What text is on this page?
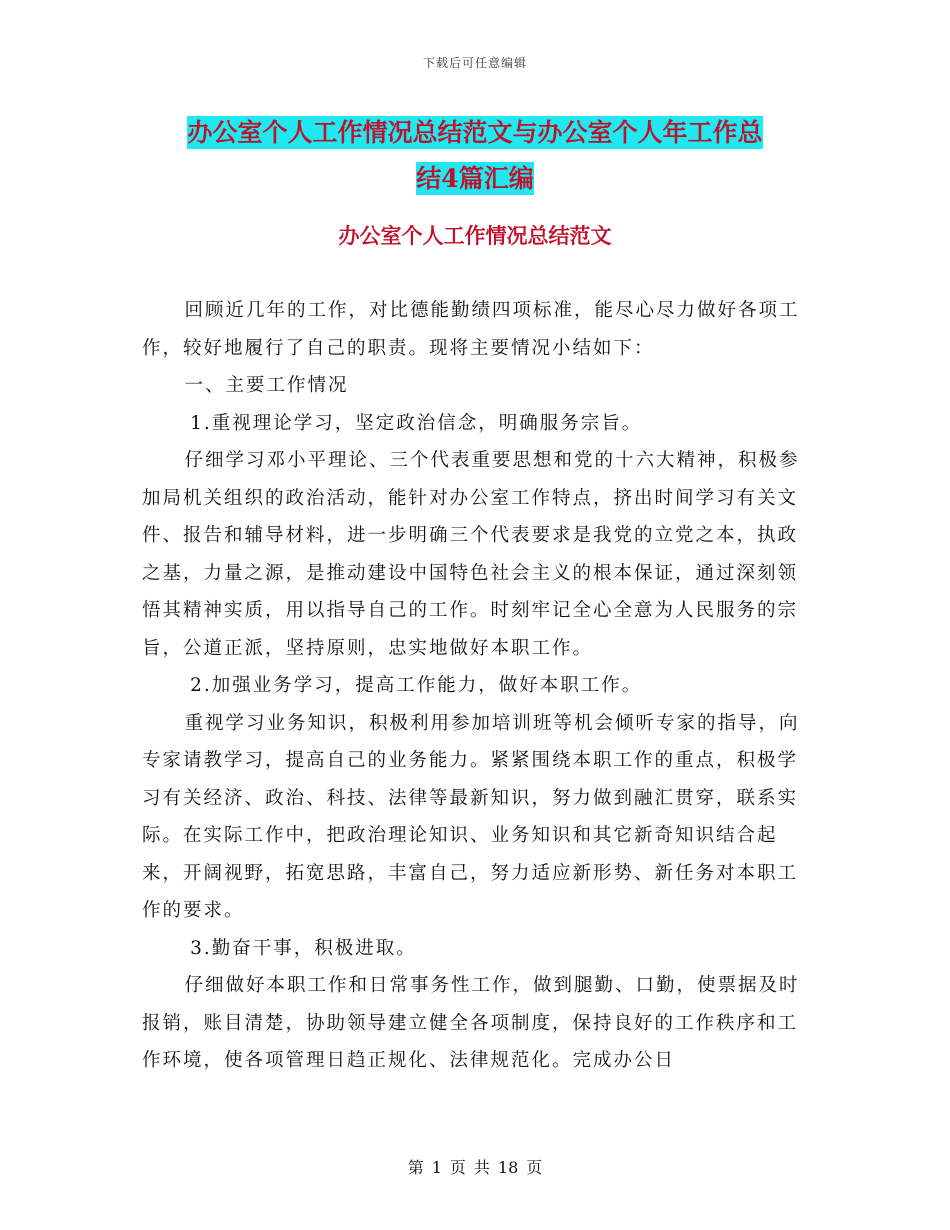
下载后可任意编辑
办公室个人工作情况总结范文与办公室个人年工作总
结4篇汇编
办公室个人工作情况总结范文

回顾近几年的工作，对比德能勤绩四项标准，能尽心尽力做好各项工作，较好地履行了自己的职责。现将主要情况小结如下：

一、主要工作情况

1.重视理论学习，坚定政治信念，明确服务宗旨。

仔细学习邓小平理论、三个代表重要思想和党的十六大精神，积极参加局机关组织的政治活动，能针对办公室工作特点，挤出时间学习有关文件、报告和辅导材料，进一步明确三个代表要求是我党的立党之本，执政之基，力量之源，是推动建设中国特色社会主义的根本保证，通过深刻领悟其精神实质，用以指导自己的工作。时刻牢记全心全意为人民服务的宗旨，公道正派，坚持原则，忠实地做好本职工作。

2.加强业务学习，提高工作能力，做好本职工作。

重视学习业务知识，积极利用参加培训班等机会倾听专家的指导，向专家请教学习，提高自己的业务能力。紧紧围绕本职工作的重点，积极学习有关经济、政治、科技、法律等最新知识，努力做到融汇贯穿，联系实际。在实际工作中，把政治理论知识、业务知识和其它新奇知识结合起来，开阔视野，拓宽思路，丰富自己，努力适应新形势、新任务对本职工作的要求。

3.勤奋干事，积极进取。

仔细做好本职工作和日常事务性工作，做到腿勤、口勤，使票据及时报销，账目清楚，协助领导建立健全各项制度，保持良好的工作秩序和工作环境，使各项管理日趋正规化、法律规范化。完成办公日

第 1 页 共 18 页
